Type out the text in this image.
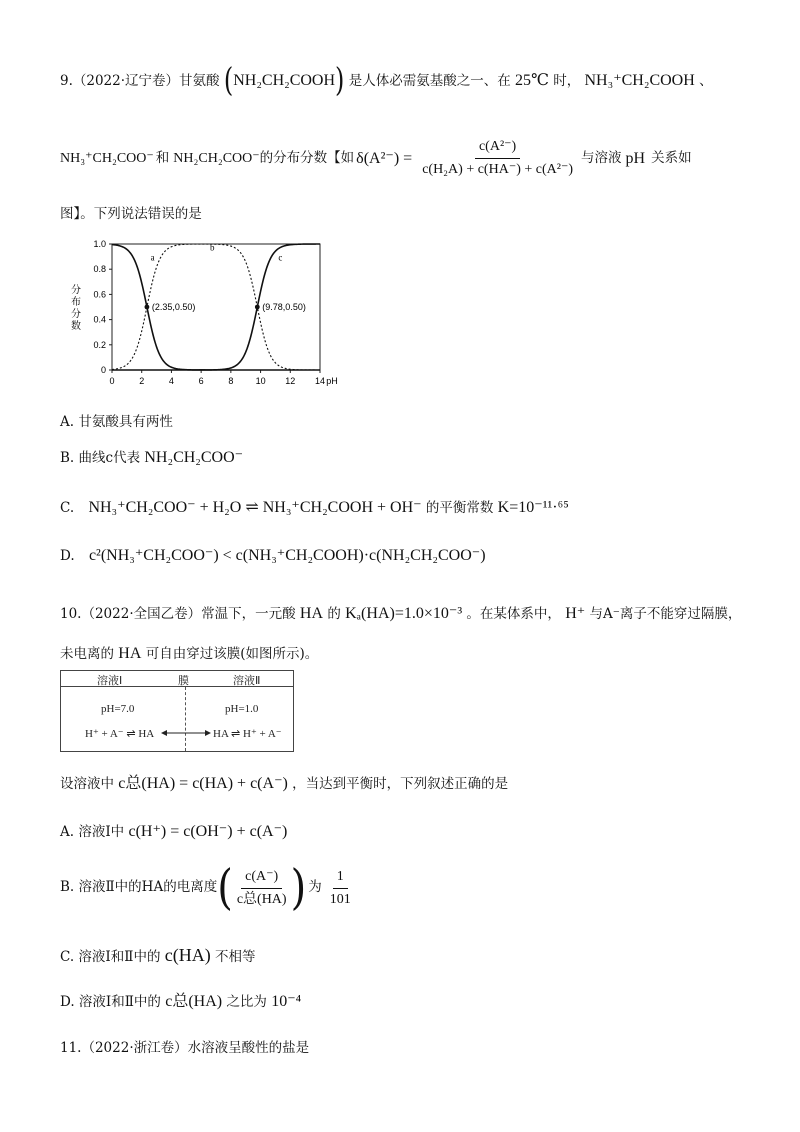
9.（2022·辽宁卷）甘氨酸 (NH₂CH₂COOH) 是人体必需氨基酸之一、在 25℃ 时， NH₃⁺CH₂COOH 、
NH₃⁺CH₂COO⁻ 和 NH₂CH₂COO⁻ 的分布分数【如 $\delta(A^{2-}) = \frac{\text{c(A²⁻)}}{\text{c(H₂A) + c(HA⁻) + c(A²⁻)}}$ 与溶液 pH 关系如
图】。下列说法错误的是
0
0.2
0.4
0.6
0.8
1.0
0	2	4	6	8 10 12 14 pH
分
布
分
数
a
b
c
(2.35,0.50)	(9.78,0.50)
A. 甘氨酸具有两性
B. 曲线c代表 NH₂CH₂COO⁻
C. NH₃⁺CH₂COO⁻ + H₂O ⇌ NH₃⁺CH₂COOH + OH⁻ 的平衡常数 K=10⁻¹¹·⁶⁵
D. c²(NH₃⁺CH₂COO⁻) < c(NH₃⁺CH₂COOH)·c(NH₂CH₂COO⁻)
10.（2022·全国乙卷）常温下，一元酸 HA 的 Kₐ(HA)=1.0×10⁻³ 。在某体系中， H⁺ 与A⁻离子不能穿过隔膜，
未电离的 HA 可自由穿过该膜(如图所示)。
溶液Ⅰ	膜	溶液Ⅱ
pH=7.0	pH=1.0
H⁺ + A⁻ ⇌ HA	HA ⇌ H⁺ + A⁻
设溶液中 c总(HA) = c(HA) + c(A⁻) ，当达到平衡时，下列叙述正确的是
A. 溶液Ⅰ中 c(H⁺) = c(OH⁻) + c(A⁻)
B. 溶液Ⅱ中的HA的电离度 ( $\frac{c(A^-)}{\text{c总(HA)}}$ ) 为 $\frac{1}{101}$
C. 溶液Ⅰ和Ⅱ中的 c(HA) 不相等
D. 溶液Ⅰ和Ⅱ中的 c总(HA) 之比为 10⁻⁴
11.（2022·浙江卷）水溶液呈酸性的盐是
